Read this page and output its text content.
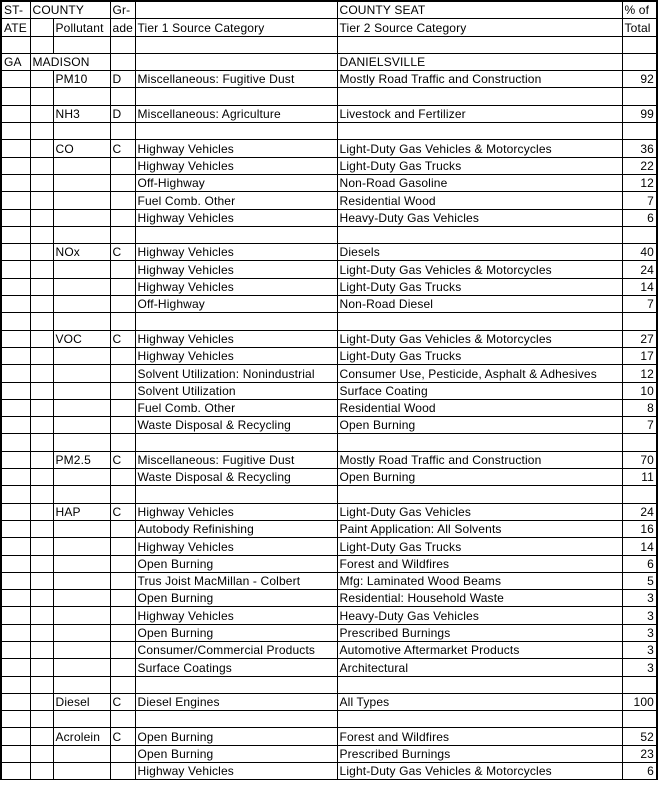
ST-	COUNTY		Gr-		COUNTY SEAT	% of
ATE		Pollutant	ade	Tier 1 Source Category	Tier 2 Source Category	Total

GA	MADISON				DANIELSVILLE	
		PM10	D	Miscellaneous: Fugitive Dust	Mostly Road Traffic and Construction	92

		NH3	D	Miscellaneous: Agriculture	Livestock and Fertilizer	99

		CO	C	Highway Vehicles	Light-Duty Gas Vehicles & Motorcycles	36
				Highway Vehicles	Light-Duty Gas Trucks	22
				Off-Highway	Non-Road Gasoline	12
				Fuel Comb. Other	Residential Wood	7
				Highway Vehicles	Heavy-Duty Gas Vehicles	6

		NOx	C	Highway Vehicles	Diesels	40
				Highway Vehicles	Light-Duty Gas Vehicles & Motorcycles	24
				Highway Vehicles	Light-Duty Gas Trucks	14
				Off-Highway	Non-Road Diesel	7

		VOC	C	Highway Vehicles	Light-Duty Gas Vehicles & Motorcycles	27
				Highway Vehicles	Light-Duty Gas Trucks	17
				Solvent Utilization: Nonindustrial	Consumer Use, Pesticide, Asphalt & Adhesives	12
				Solvent Utilization	Surface Coating	10
				Fuel Comb. Other	Residential Wood	8
				Waste Disposal & Recycling	Open Burning	7

		PM2.5	C	Miscellaneous: Fugitive Dust	Mostly Road Traffic and Construction	70
				Waste Disposal & Recycling	Open Burning	11

		HAP	C	Highway Vehicles	Light-Duty Gas Vehicles	24
				Autobody Refinishing	Paint Application: All Solvents	16
				Highway Vehicles	Light-Duty Gas Trucks	14
				Open Burning	Forest and Wildfires	6
				Trus Joist MacMillan - Colbert	Mfg: Laminated Wood Beams	5
				Open Burning	Residential: Household Waste	3
				Highway Vehicles	Heavy-Duty Gas Vehicles	3
				Open Burning	Prescribed Burnings	3
				Consumer/Commercial Products	Automotive Aftermarket Products	3
				Surface Coatings	Architectural	3

		Diesel	C	Diesel Engines	All Types	100

		Acrolein	C	Open Burning	Forest and Wildfires	52
				Open Burning	Prescribed Burnings	23
				Highway Vehicles	Light-Duty Gas Vehicles & Motorcycles	6
